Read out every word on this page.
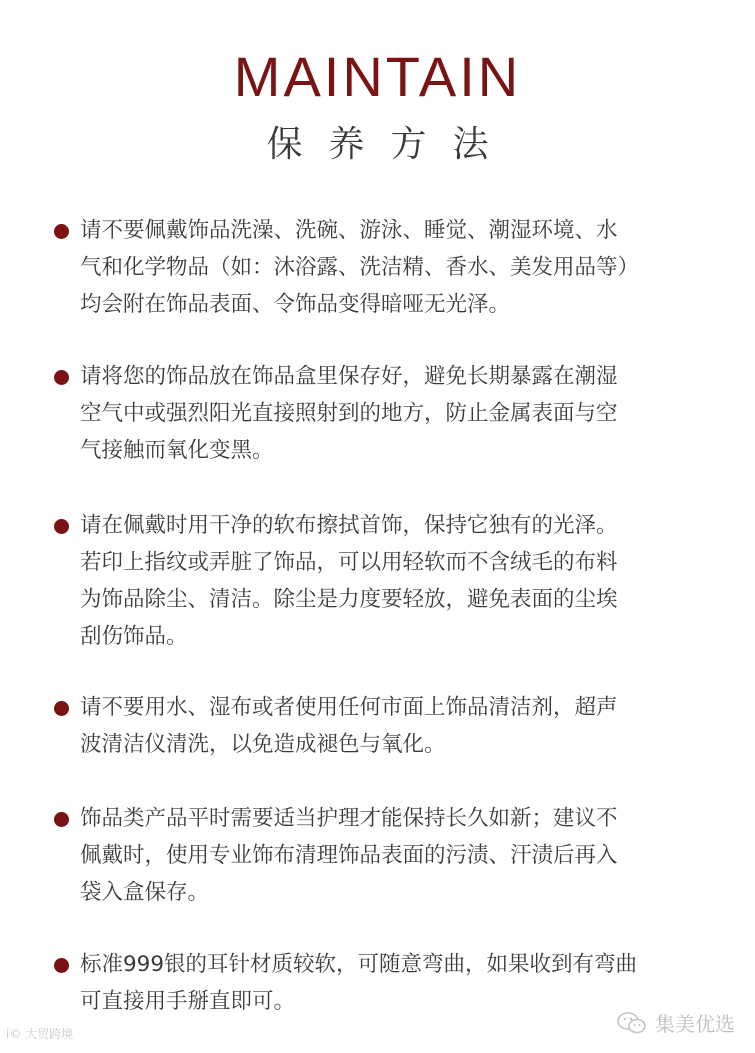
MAINTAIN
保养方法
请不要佩戴饰品洗澡、洗碗、游泳、睡觉、潮湿环境、水
气和化学物品（如：沐浴露、洗洁精、香水、美发用品等）
均会附在饰品表面、令饰品变得暗哑无光泽。
请将您的饰品放在饰品盒里保存好，避免长期暴露在潮湿
空气中或强烈阳光直接照射到的地方，防止金属表面与空
气接触而氧化变黑。
请在佩戴时用干净的软布擦拭首饰，保持它独有的光泽。
若印上指纹或弄脏了饰品，可以用轻软而不含绒毛的布料
为饰品除尘、清洁。除尘是力度要轻放，避免表面的尘埃
刮伤饰品。
请不要用水、湿布或者使用任何市面上饰品清洁剂，超声
波清洁仪清洗，以免造成褪色与氧化。
饰品类产品平时需要适当护理才能保持长久如新；建议不
佩戴时，使用专业饰布清理饰品表面的污渍、汗渍后再入
袋入盒保存。
标准999银的耳针材质较软，可随意弯曲，如果收到有弯曲
可直接用手掰直即可。
i© 大贸跨境	集美优选
